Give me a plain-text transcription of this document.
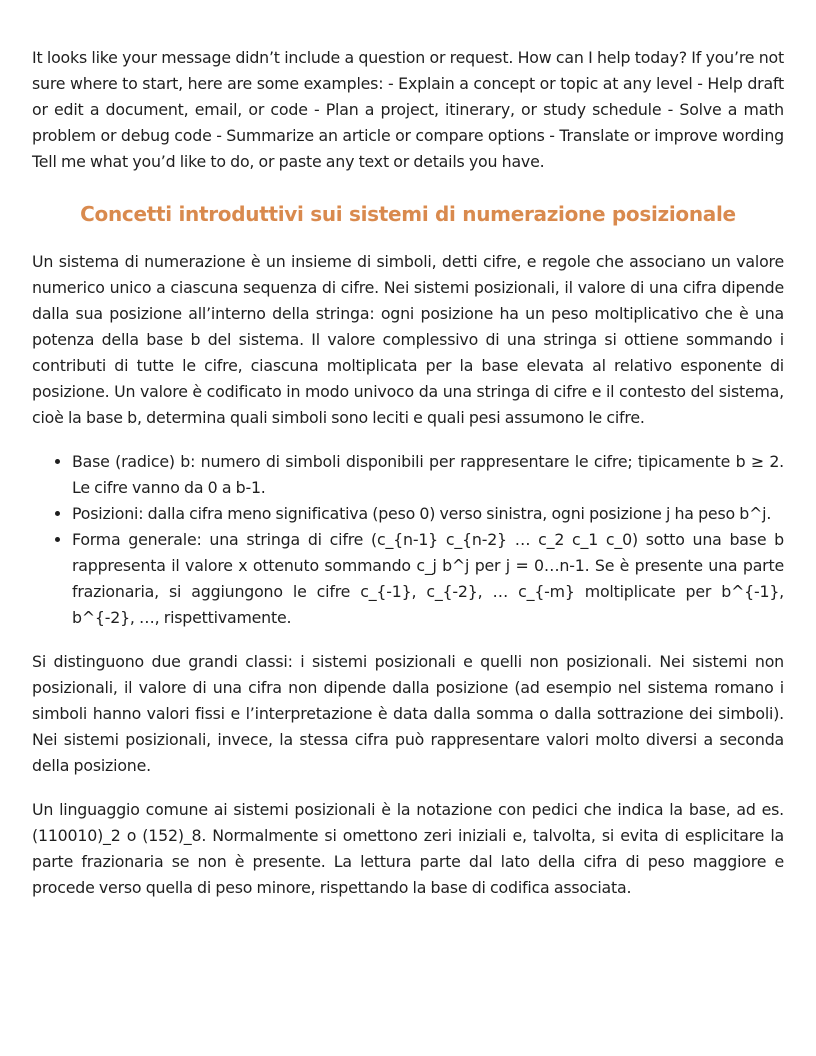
It looks like your message didn’t include a question or request. How can I help today? If you’re not sure where to start, here are some examples: - Explain a concept or topic at any level - Help draft or edit a document, email, or code - Plan a project, itinerary, or study schedule - Solve a math problem or debug code - Summarize an article or compare options - Translate or improve wording Tell me what you’d like to do, or paste any text or details you have.

Concetti introduttivi sui sistemi di numerazione posizionale

Un sistema di numerazione è un insieme di simboli, detti cifre, e regole che associano un valore numerico unico a ciascuna sequenza di cifre. Nei sistemi posizionali, il valore di una cifra dipende dalla sua posizione all’interno della stringa: ogni posizione ha un peso moltiplicativo che è una potenza della base b del sistema. Il valore complessivo di una stringa si ottiene sommando i contributi di tutte le cifre, ciascuna moltiplicata per la base elevata al relativo esponente di posizione. Un valore è codificato in modo univoco da una stringa di cifre e il contesto del sistema, cioè la base b, determina quali simboli sono leciti e quali pesi assumono le cifre.

• Base (radice) b: numero di simboli disponibili per rappresentare le cifre; tipicamente b ≥ 2. Le cifre vanno da 0 a b-1.
• Posizioni: dalla cifra meno significativa (peso 0) verso sinistra, ogni posizione j ha peso b^j.
• Forma generale: una stringa di cifre (c_{n-1} c_{n-2} … c_2 c_1 c_0) sotto una base b rappresenta il valore x ottenuto sommando c_j b^j per j = 0…n-1. Se è presente una parte frazionaria, si aggiungono le cifre c_{-1}, c_{-2}, … c_{-m} moltiplicate per b^{-1}, b^{-2}, …, rispettivamente.

Si distinguono due grandi classi: i sistemi posizionali e quelli non posizionali. Nei sistemi non posizionali, il valore di una cifra non dipende dalla posizione (ad esempio nel sistema romano i simboli hanno valori fissi e l’interpretazione è data dalla somma o dalla sottrazione dei simboli). Nei sistemi posizionali, invece, la stessa cifra può rappresentare valori molto diversi a seconda della posizione.

Un linguaggio comune ai sistemi posizionali è la notazione con pedici che indica la base, ad es. (110010)_2 o (152)_8. Normalmente si omettono zeri iniziali e, talvolta, si evita di esplicitare la parte frazionaria se non è presente. La lettura parte dal lato della cifra di peso maggiore e procede verso quella di peso minore, rispettando la base di codifica associata.
